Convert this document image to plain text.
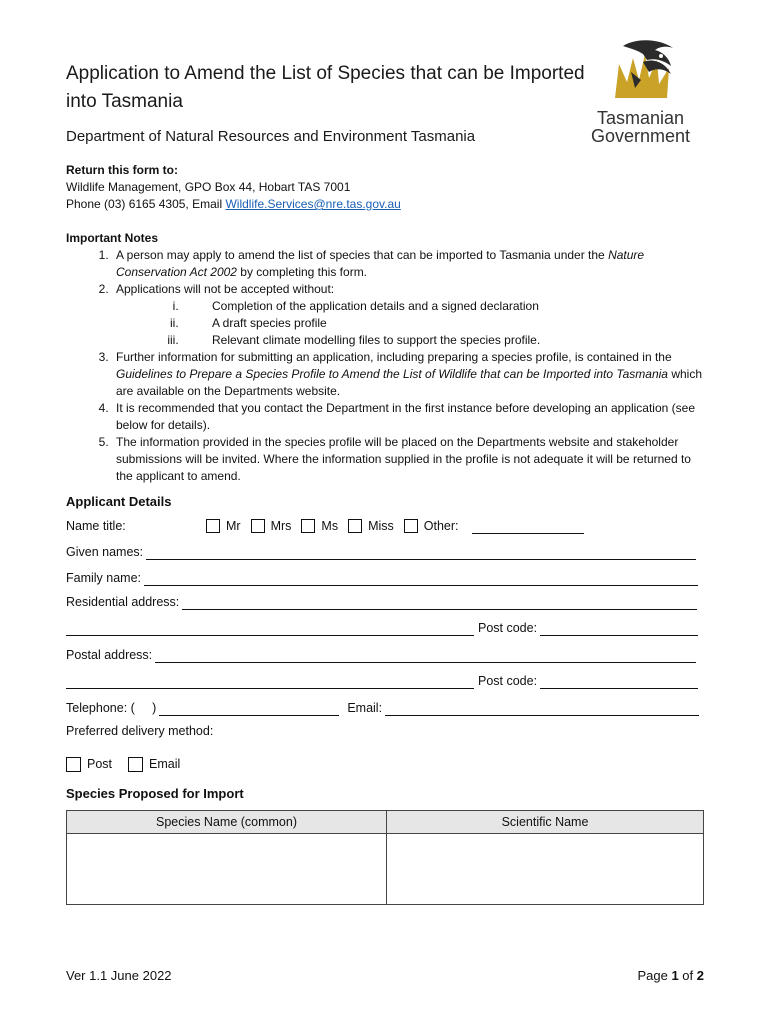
Application to Amend the List of Species that can be Imported into Tasmania
Department of Natural Resources and Environment Tasmania
Tasmanian
Government
Return this form to:
Wildlife Management, GPO Box 44, Hobart TAS 7001
Phone (03) 6165 4305, Email Wildlife.Services@nre.tas.gov.au
Important Notes
1. A person may apply to amend the list of species that can be imported to Tasmania under the Nature Conservation Act 2002 by completing this form.
2. Applications will not be accepted without:
i. Completion of the application details and a signed declaration
ii. A draft species profile
iii. Relevant climate modelling files to support the species profile.
3. Further information for submitting an application, including preparing a species profile, is contained in the Guidelines to Prepare a Species Profile to Amend the List of Wildlife that can be Imported into Tasmania which are available on the Departments website.
4. It is recommended that you contact the Department in the first instance before developing an application (see below for details).
5. The information provided in the species profile will be placed on the Departments website and stakeholder submissions will be invited. Where the information supplied in the profile is not adequate it will be returned to the applicant to amend.
Applicant Details
Name title:	Mr Mrs Ms Miss Other:
Given names:
Family name:
Residential address:
Post code:
Postal address:
Post code:
Telephone: (     )	Email:
Preferred delivery method:
Post	Email
Species Proposed for Import
Species Name (common)	Scientific Name

Ver 1.1 June 2022	Page 1 of 2
